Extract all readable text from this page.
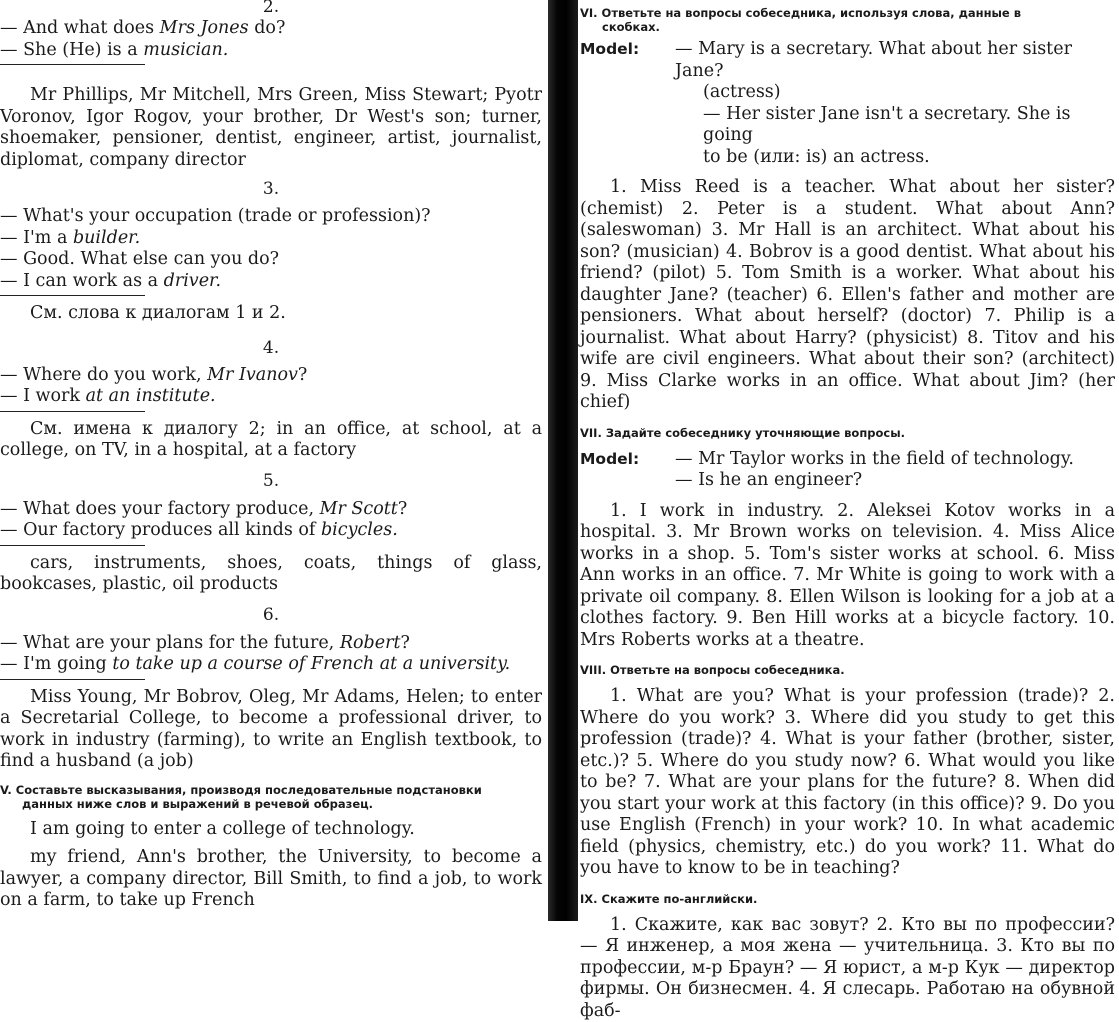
2.

— And what does Mrs Jones do?

— She (He) is a musician.

Mr Phillips, Mr Mitchell, Mrs Green, Miss Stewart; Pyotr Voronov, Igor Rogov, your brother, Dr West's son; turner, shoemaker, pensioner, dentist, engineer, artist, journalist, diplomat, company director

3.

— What's your occupation (trade or profession)?

— I'm a builder.

— Good. What else can you do?

— I can work as a driver.

См. слова к диалогам 1 и 2.

4.

— Where do you work, Mr Ivanov?

— I work at an institute.

См. имена к диалогу 2; in an office, at school, at a college, on TV, in a hospital, at a factory

5.

— What does your factory produce, Mr Scott?

— Our factory produces all kinds of bicycles.

cars, instruments, shoes, coats, things of glass, bookcases, plastic, oil products

6.

— What are your plans for the future, Robert?

— I'm going to take up a course of French at a university.

Miss Young, Mr Bobrov, Oleg, Mr Adams, Helen; to enter a Secretarial College, to become a professional driver, to work in industry (farming), to write an English textbook, to find a husband (a job)

V. Составьте высказывания, производя последовательные подстановки
данных ниже слов и выражений в речевой образец.

I am going to enter a college of technology.

my friend, Ann's brother, the University, to become a lawyer, a company director, Bill Smith, to find a job, to work on a farm, to take up French

VI. Ответьте на вопросы собеседника, используя слова, данные в
скобках.

Model:	— Mary is a secretary. What about her sister Jane?

(actress)

— Her sister Jane isn't a secretary. She is going

to be (или: is) an actress.

1. Miss Reed is a teacher. What about her sister? (chemist) 2. Peter is a student. What about Ann? (saleswoman) 3. Mr Hall is an architect. What about his son? (musician) 4. Bobrov is a good dentist. What about his friend? (pilot) 5. Tom Smith is a worker. What about his daughter Jane? (teacher) 6. Ellen's father and mother are pensioners. What about herself? (doctor) 7. Philip is a journalist. What about Harry? (physicist) 8. Titov and his wife are civil engineers. What about their son? (architect) 9. Miss Clarke works in an office. What about Jim? (her chief)

VII. Задайте собеседнику уточняющие вопросы.

Model:	— Mr Taylor works in the field of technology.

— Is he an engineer?

1. I work in industry. 2. Aleksei Kotov works in a hospital. 3. Mr Brown works on television. 4. Miss Alice works in a shop. 5. Tom's sister works at school. 6. Miss Ann works in an office. 7. Mr White is going to work with a private oil company. 8. Ellen Wilson is looking for a job at a clothes factory. 9. Ben Hill works at a bicycle factory. 10. Mrs Roberts works at a theatre.

VIII. Ответьте на вопросы собеседника.

1. What are you? What is your profession (trade)? 2. Where do you work? 3. Where did you study to get this profession (trade)? 4. What is your father (brother, sister, etc.)? 5. Where do you study now? 6. What would you like to be? 7. What are your plans for the future? 8. When did you start your work at this factory (in this office)? 9. Do you use English (French) in your work? 10. In what academic field (physics, chemistry, etc.) do you work? 11. What do you have to know to be in teaching?

IX. Скажите по-английски.

1. Скажите, как вас зовут? 2. Кто вы по профессии? — Я инженер, а моя жена — учительница. 3. Кто вы по профессии, м-р Браун? — Я юрист, а м-р Кук — директор фирмы. Он бизнесмен. 4. Я слесарь. Работаю на обувной фаб-
